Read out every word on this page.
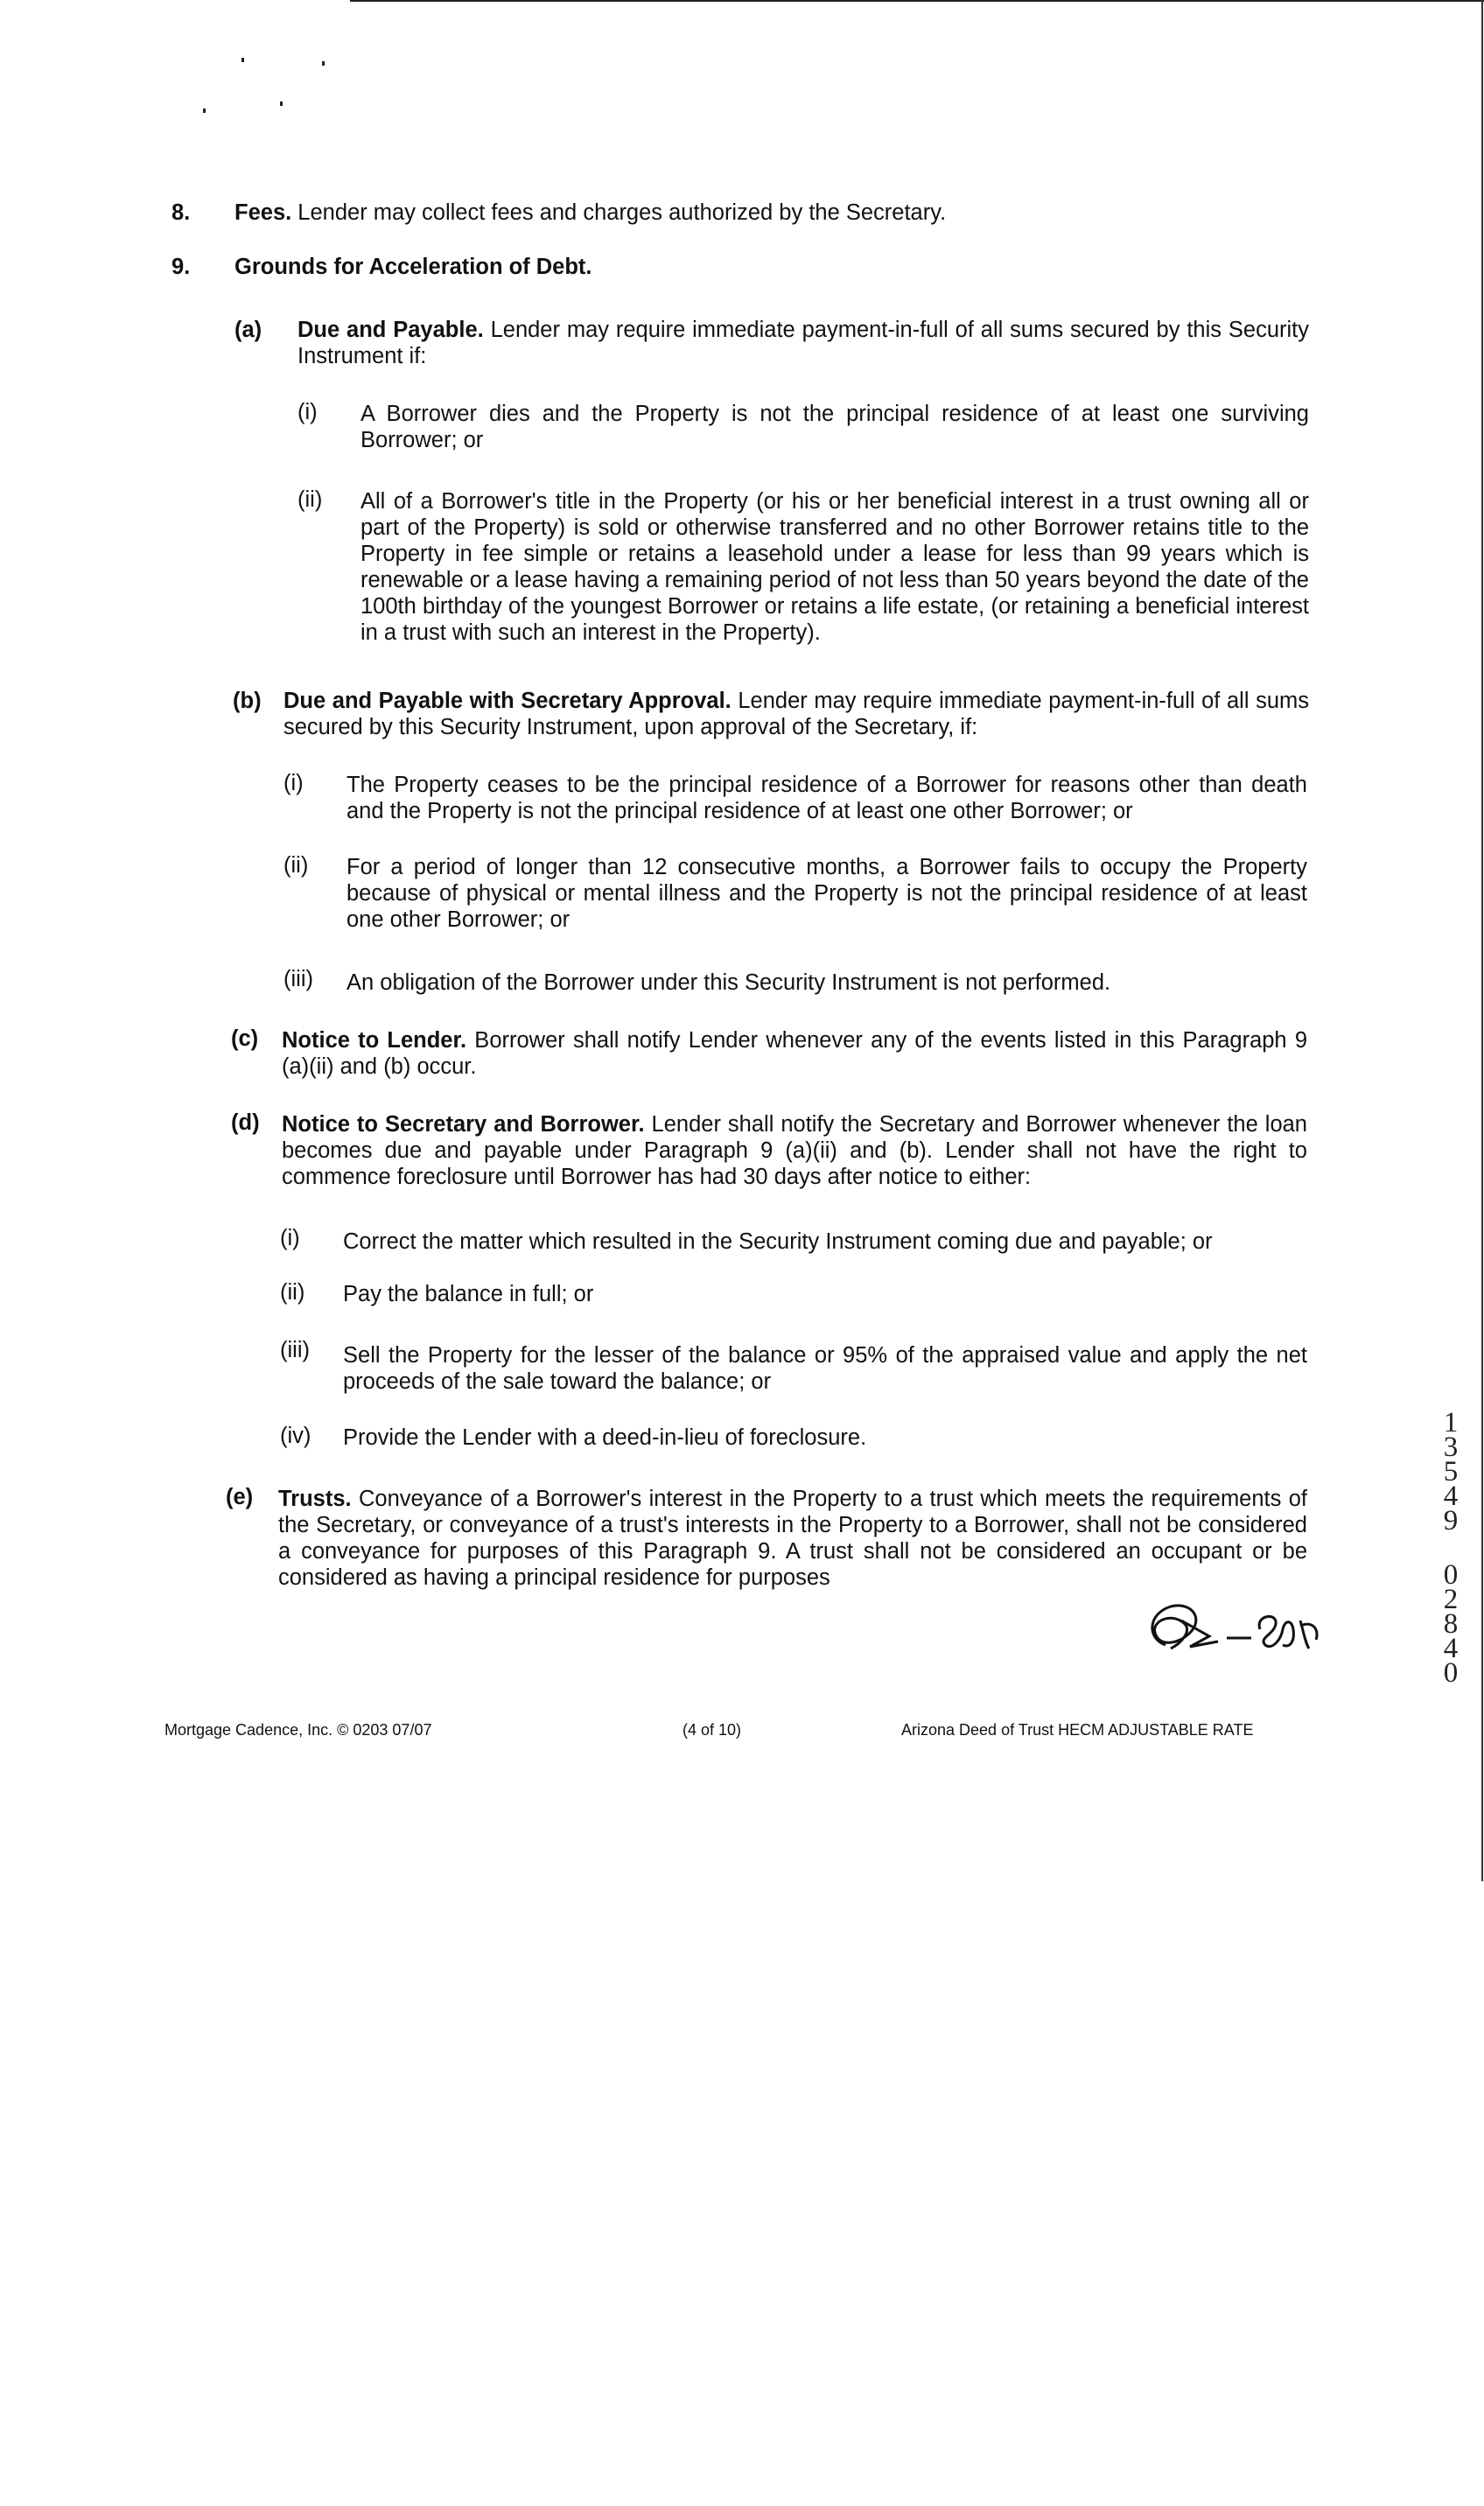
8. Fees. Lender may collect fees and charges authorized by the Secretary.
9. Grounds for Acceleration of Debt.
(a) Due and Payable. Lender may require immediate payment-in-full of all sums secured by this Security Instrument if:
(i) A Borrower dies and the Property is not the principal residence of at least one surviving Borrower; or
(ii) All of a Borrower's title in the Property (or his or her beneficial interest in a trust owning all or part of the Property) is sold or otherwise transferred and no other Borrower retains title to the Property in fee simple or retains a leasehold under a lease for less than 99 years which is renewable or a lease having a remaining period of not less than 50 years beyond the date of the 100th birthday of the youngest Borrower or retains a life estate, (or retaining a beneficial interest in a trust with such an interest in the Property).
(b) Due and Payable with Secretary Approval. Lender may require immediate payment-in-full of all sums secured by this Security Instrument, upon approval of the Secretary, if:
(i) The Property ceases to be the principal residence of a Borrower for reasons other than death and the Property is not the principal residence of at least one other Borrower; or
(ii) For a period of longer than 12 consecutive months, a Borrower fails to occupy the Property because of physical or mental illness and the Property is not the principal residence of at least one other Borrower; or
(iii) An obligation of the Borrower under this Security Instrument is not performed.
(c) Notice to Lender. Borrower shall notify Lender whenever any of the events listed in this Paragraph 9 (a)(ii) and (b) occur.
(d) Notice to Secretary and Borrower. Lender shall notify the Secretary and Borrower whenever the loan becomes due and payable under Paragraph 9 (a)(ii) and (b). Lender shall not have the right to commence foreclosure until Borrower has had 30 days after notice to either:
(i) Correct the matter which resulted in the Security Instrument coming due and payable; or
(ii) Pay the balance in full; or
(iii) Sell the Property for the lesser of the balance or 95% of the appraised value and apply the net proceeds of the sale toward the balance; or
(iv) Provide the Lender with a deed-in-lieu of foreclosure.
(e) Trusts. Conveyance of a Borrower's interest in the Property to a trust which meets the requirements of the Secretary, or conveyance of a trust's interests in the Property to a Borrower, shall not be considered a conveyance for purposes of this Paragraph 9. A trust shall not be considered an occupant or be considered as having a principal residence for purposes
1
3
5
4
9
0
2
8
4
0
Mortgage Cadence, Inc. © 0203 07/07	(4 of 10)	Arizona Deed of Trust HECM ADJUSTABLE RATE
